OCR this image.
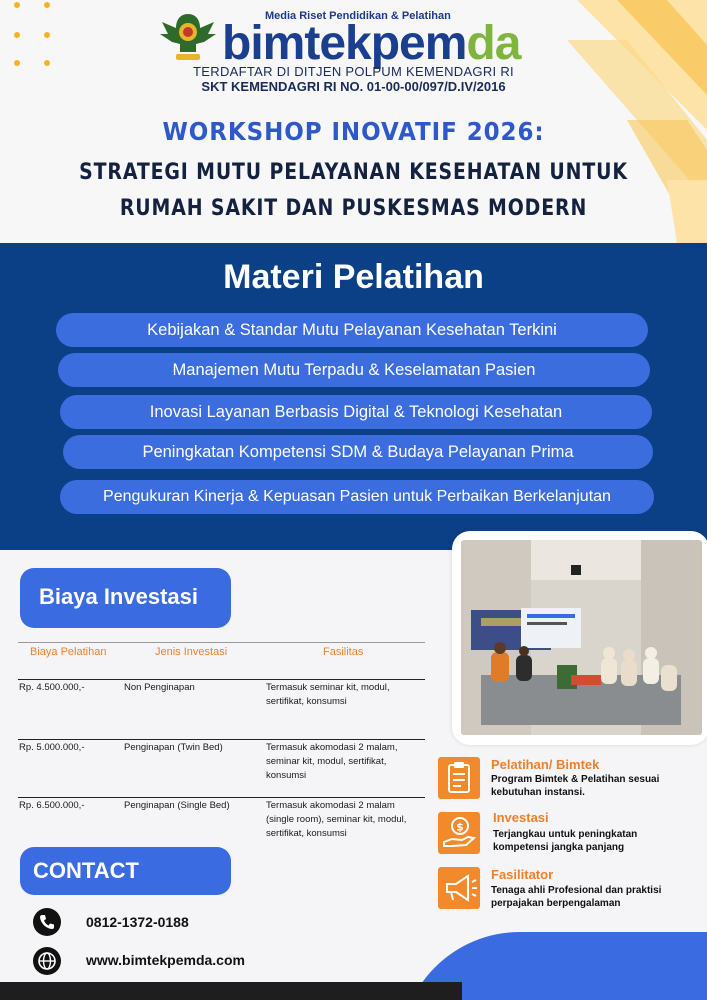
Media Riset Pendidikan & Pelatihan
bimtekpemda
TERDAFTAR DI DITJEN POLPUM KEMENDAGRI RI
SKT KEMENDAGRI RI NO. 01-00-00/097/D.IV/2016
WORKSHOP INOVATIF 2026:
STRATEGI MUTU PELAYANAN KESEHATAN UNTUK
RUMAH SAKIT DAN PUSKESMAS MODERN
Materi Pelatihan
Kebijakan & Standar Mutu Pelayanan Kesehatan Terkini
Manajemen Mutu Terpadu & Keselamatan Pasien
Inovasi Layanan Berbasis Digital & Teknologi Kesehatan
Peningkatan Kompetensi SDM & Budaya Pelayanan Prima
Pengukuran Kinerja & Kepuasan Pasien untuk Perbaikan Berkelanjutan
Biaya Investasi
Biaya Pelatihan	Jenis Investasi	Fasilitas
Rp. 4.500.000,-	Non Penginapan	Termasuk seminar kit, modul,
sertifikat, konsumsi
Rp. 5.000.000,-	Penginapan (Twin Bed)	Termasuk akomodasi 2 malam,
seminar kit, modul, sertifikat,
konsumsi
Rp. 6.500.000,-	Penginapan (Single Bed)	Termasuk akomodasi 2 malam
(single room), seminar kit, modul,
sertifikat, konsumsi
CONTACT
0812-1372-0188
www.bimtekpemda.com
Pelatihan/ Bimtek
Program Bimtek & Pelatihan sesuai
kebutuhan instansi.
$
Investasi
Terjangkau untuk peningkatan
kompetensi jangka panjang
Fasilitator
Tenaga ahli Profesional dan praktisi
perpajakan berpengalaman
